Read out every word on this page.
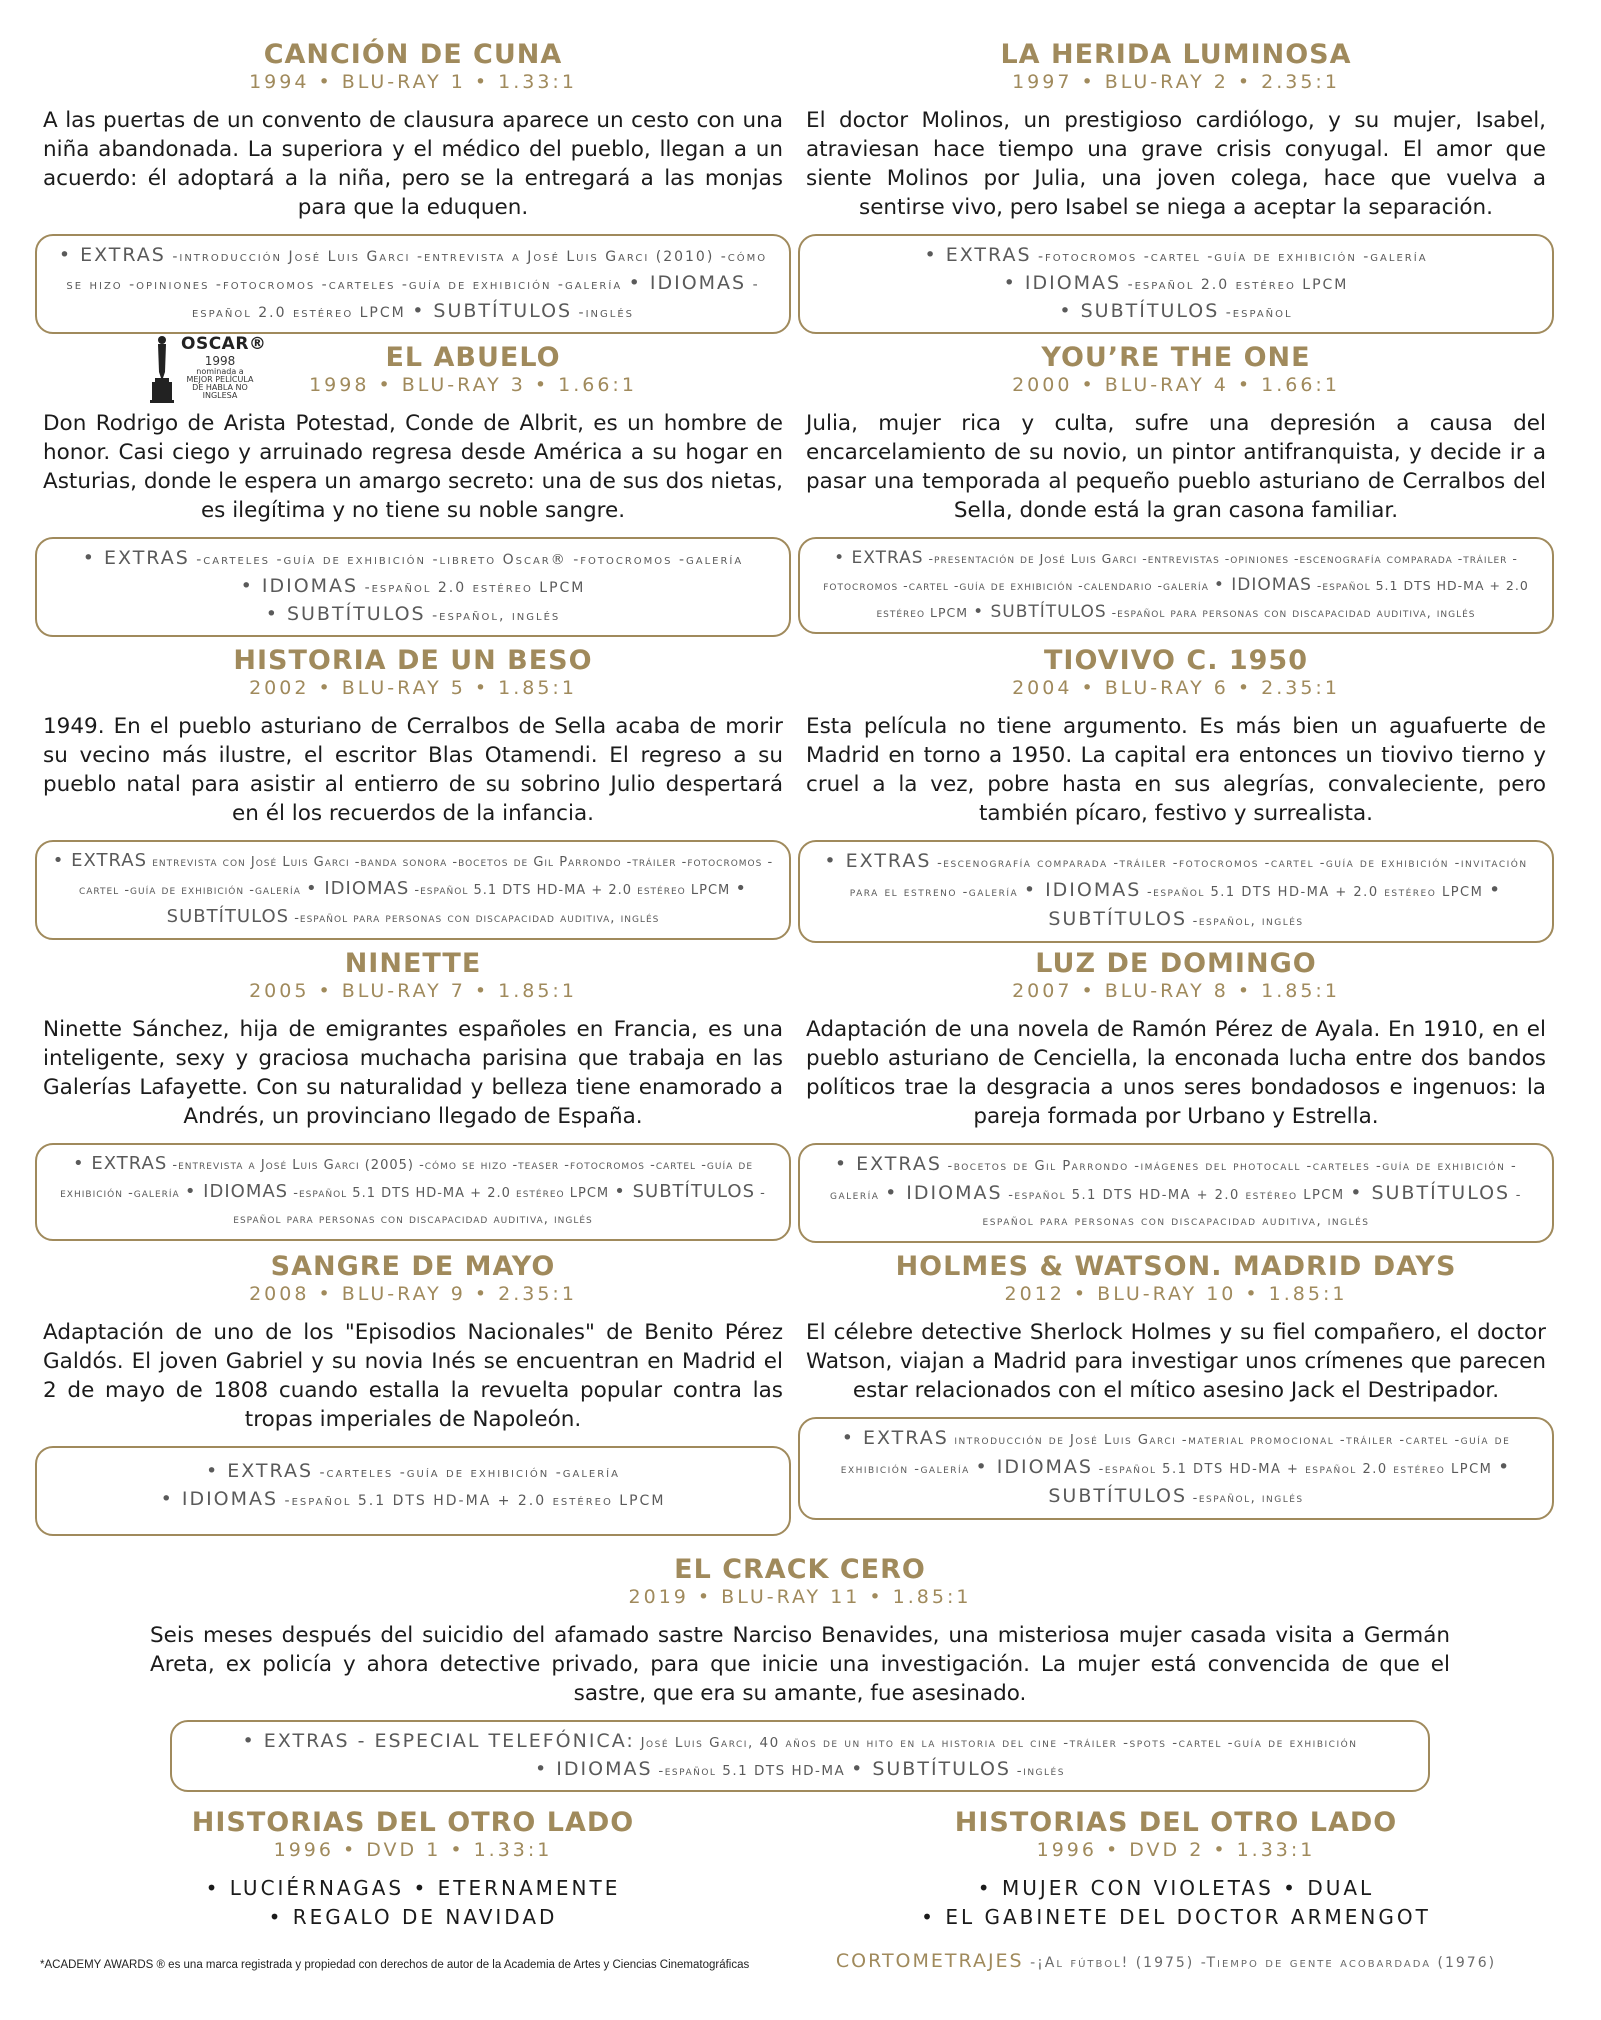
CANCIÓN DE CUNA
1994 • BLU-RAY 1 • 1.33:1

A las puertas de un convento de clausura aparece un cesto con una niña abandonada. La superiora y el médico del pueblo, llegan a un acuerdo: él adoptará a la niña, pero se la entregará a las monjas para que la eduquen.

• EXTRAS -introducción José Luis Garci -entrevista a José Luis Garci (2010) -cómo se hizo -opiniones -fotocromos -carteles -guía de exhibición -galería • IDIOMAS -español 2.0 estéreo LPCM • SUBTÍTULOS -inglés
LA HERIDA LUMINOSA
1997 • BLU-RAY 2 • 2.35:1

El doctor Molinos, un prestigioso cardiólogo, y su mujer, Isabel, atraviesan hace tiempo una grave crisis conyugal. El amor que siente Molinos por Julia, una joven colega, hace que vuelva a sentirse vivo, pero Isabel se niega a aceptar la separación.

• EXTRAS -fotocromos -cartel -guía de exhibición -galería
• IDIOMAS -español 2.0 estéreo LPCM
• SUBTÍTULOS -español
OSCAR®
1998
nominada a
MEJOR PELÍCULA
DE HABLA NO INGLESA
EL ABUELO
1998 • BLU-RAY 3 • 1.66:1

Don Rodrigo de Arista Potestad, Conde de Albrit, es un hombre de honor. Casi ciego y arruinado regresa desde América a su hogar en Asturias, donde le espera un amargo secreto: una de sus dos nietas, es ilegítima y no tiene su noble sangre.

• EXTRAS -carteles -guía de exhibición -libreto Oscar® -fotocromos -galería
• IDIOMAS -español 2.0 estéreo LPCM
• SUBTÍTULOS -español, inglés
YOU’RE THE ONE
2000 • BLU-RAY 4 • 1.66:1

Julia, mujer rica y culta, sufre una depresión a causa del encarcelamiento de su novio, un pintor antifranquista, y decide ir a pasar una temporada al pequeño pueblo asturiano de Cerralbos del Sella, donde está la gran casona familiar.

• EXTRAS -presentación de José Luis Garci -entrevistas -opiniones -escenografía comparada -tráiler -fotocromos -cartel -guía de exhibición -calendario -galería • IDIOMAS -español 5.1 DTS HD-MA + 2.0 estéreo LPCM • SUBTÍTULOS -español para personas con discapacidad auditiva, inglés
HISTORIA DE UN BESO
2002 • BLU-RAY 5 • 1.85:1

1949. En el pueblo asturiano de Cerralbos de Sella acaba de morir su vecino más ilustre, el escritor Blas Otamendi. El regreso a su pueblo natal para asistir al entierro de su sobrino Julio despertará en él los recuerdos de la infancia.

• EXTRAS entrevista con José Luis Garci -banda sonora -bocetos de Gil Parrondo -tráiler -fotocromos -cartel -guía de exhibición -galería • IDIOMAS -español 5.1 DTS HD-MA + 2.0 estéreo LPCM • SUBTÍTULOS -español para personas con discapacidad auditiva, inglés
TIOVIVO C. 1950
2004 • BLU-RAY 6 • 2.35:1

Esta película no tiene argumento. Es más bien un aguafuerte de Madrid en torno a 1950. La capital era entonces un tiovivo tierno y cruel a la vez, pobre hasta en sus alegrías, convaleciente, pero también pícaro, festivo y surrealista.

• EXTRAS -escenografía comparada -tráiler -fotocromos -cartel -guía de exhibición -invitación para el estreno -galería • IDIOMAS -español 5.1 DTS HD-MA + 2.0 estéreo LPCM • SUBTÍTULOS -español, inglés
NINETTE
2005 • BLU-RAY 7 • 1.85:1

Ninette Sánchez, hija de emigrantes españoles en Francia, es una inteligente, sexy y graciosa muchacha parisina que trabaja en las Galerías Lafayette. Con su naturalidad y belleza tiene enamorado a Andrés, un provinciano llegado de España.

• EXTRAS -entrevista a José Luis Garci (2005) -cómo se hizo -teaser -fotocromos -cartel -guía de exhibición -galería • IDIOMAS -español 5.1 DTS HD-MA + 2.0 estéreo LPCM • SUBTÍTULOS -español para personas con discapacidad auditiva, inglés
LUZ DE DOMINGO
2007 • BLU-RAY 8 • 1.85:1

Adaptación de una novela de Ramón Pérez de Ayala. En 1910, en el pueblo asturiano de Cenciella, la enconada lucha entre dos bandos políticos trae la desgracia a unos seres bondadosos e ingenuos: la pareja formada por Urbano y Estrella.

• EXTRAS -bocetos de Gil Parrondo -imágenes del photocall -carteles -guía de exhibición -galería • IDIOMAS -español 5.1 DTS HD-MA + 2.0 estéreo LPCM • SUBTÍTULOS -español para personas con discapacidad auditiva, inglés
SANGRE DE MAYO
2008 • BLU-RAY 9 • 2.35:1

Adaptación de uno de los "Episodios Nacionales" de Benito Pérez Galdós. El joven Gabriel y su novia Inés se encuentran en Madrid el 2 de mayo de 1808 cuando estalla la revuelta popular contra las tropas imperiales de Napoleón.

• EXTRAS -carteles -guía de exhibición -galería
• IDIOMAS -español 5.1 DTS HD-MA + 2.0 estéreo LPCM
HOLMES & WATSON. MADRID DAYS
2012 • BLU-RAY 10 • 1.85:1

El célebre detective Sherlock Holmes y su fiel compañero, el doctor Watson, viajan a Madrid para investigar unos crímenes que parecen estar relacionados con el mítico asesino Jack el Destripador.

• EXTRAS introducción de José Luis Garci -material promocional -tráiler -cartel -guía de exhibición -galería • IDIOMAS -español 5.1 DTS HD-MA + español 2.0 estéreo LPCM • SUBTÍTULOS -español, inglés
EL CRACK CERO
2019 • BLU-RAY 11 • 1.85:1

Seis meses después del suicidio del afamado sastre Narciso Benavides, una misteriosa mujer casada visita a Germán Areta, ex policía y ahora detective privado, para que inicie una investigación. La mujer está convencida de que el sastre, que era su amante, fue asesinado.

• EXTRAS - ESPECIAL TELEFÓNICA: José Luis Garci, 40 años de un hito en la historia del cine -tráiler -spots -cartel -guía de exhibición
• IDIOMAS -español 5.1 DTS HD-MA • SUBTÍTULOS -inglés
HISTORIAS DEL OTRO LADO
1996 • DVD 1 • 1.33:1
• LUCIÉRNAGAS • ETERNAMENTE
• REGALO DE NAVIDAD
HISTORIAS DEL OTRO LADO
1996 • DVD 2 • 1.33:1
• MUJER CON VIOLETAS • DUAL
• EL GABINETE DEL DOCTOR ARMENGOT
CORTOMETRAJES -¡Al fútbol! (1975) -Tiempo de gente acobardada (1976)
*ACADEMY AWARDS ® es una marca registrada y propiedad con derechos de autor de la Academia de Artes y Ciencias Cinematográficas
